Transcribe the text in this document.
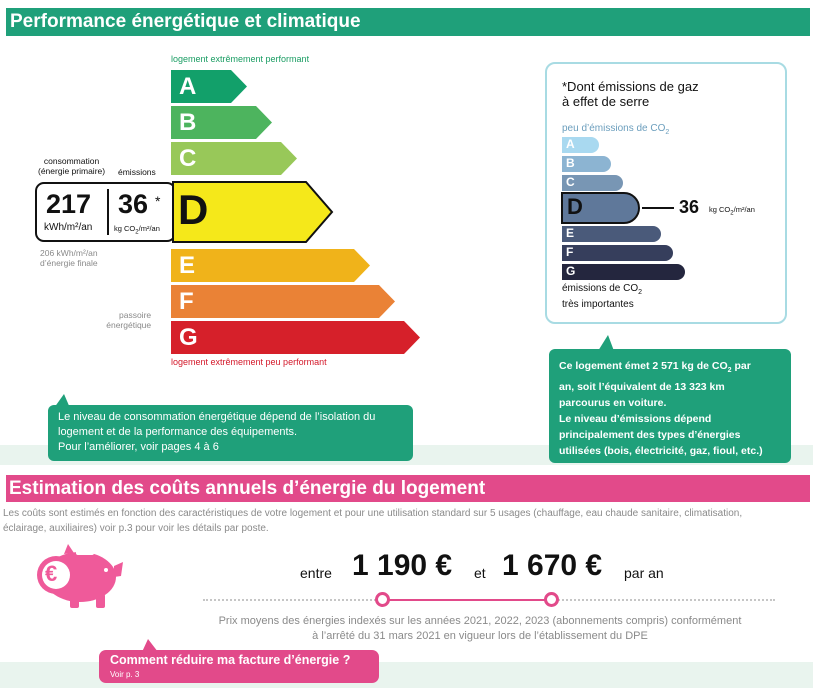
Performance énergétique et climatique
logement extrêmement performant
A
B
C
D
consommation
(énergie primaire) émissions
217
kWh/m²/an
36 *
kg $CO_2/m^2/an$
206 kWh/m²/an
d’énergie finale	E
F
G
passoire
énergétique
logement extrêmement peu performant
Le niveau de consommation énergétique dépend de l’isolation du
logement et de la performance des équipements.
Pour l’améliorer, voir pages 4 à 6
*Dont émissions de gaz
à effet de serre
peu d’émissions de $CO_2$
A
B
C
D	36 kg $CO_2/m^2/an$
E
F
G
émissions de $CO_2$
très importantes
Ce logement émet 2 571 kg de $CO_2$ par
an, soit l’équivalent de 13 323 km
parcourus en voiture.
Le niveau d’émissions dépend
principalement des types d’énergies
utilisées (bois, électricité, gaz, fioul, etc.)
Estimation des coûts annuels d’énergie du logement
Les coûts sont estimés en fonction des caractéristiques de votre logement et pour une utilisation standard sur 5 usages (chauffage, eau chaude sanitaire, climatisation,
éclairage, auxiliaires) voir p.3 pour voir les détails par poste.
€	entre 1 190 € et 1 670 € par an
Prix moyens des énergies indexés sur les années 2021, 2022, 2023 (abonnements compris) conformément
à l’arrêté du 31 mars 2021 en vigueur lors de l’établissement du DPE
Comment réduire ma facture d’énergie ?
Voir p. 3
